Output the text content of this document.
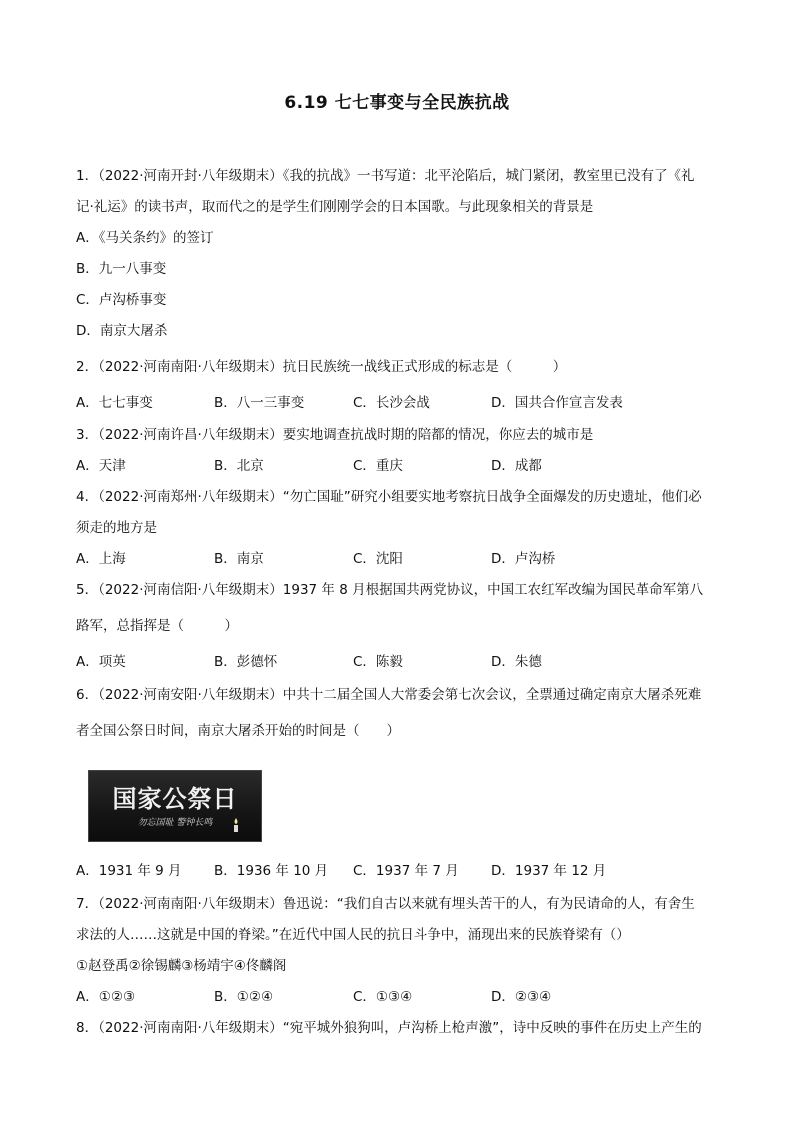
6.19 七七事变与全民族抗战
1．（2022·河南开封·八年级期末）《我的抗战》一书写道：北平沦陷后，城门紧闭，教室里已没有了《礼
记·礼运》的读书声，取而代之的是学生们刚刚学会的日本国歌。与此现象相关的背景是
A．《马关条约》的签订
B．九一八事变
C．卢沟桥事变
D．南京大屠杀
2．（2022·河南南阳·八年级期末）抗日民族统一战线正式形成的标志是（　　　）
A．七七事变	B．八一三事变	C．长沙会战	D．国共合作宣言发表
3．（2022·河南许昌·八年级期末）要实地调查抗战时期的陪都的情况，你应去的城市是
A．天津	B．北京	C．重庆	D．成都
4．（2022·河南郑州·八年级期末）“勿亡国耻”研究小组要实地考察抗日战争全面爆发的历史遗址，他们必
须走的地方是
A．上海	B．南京	C．沈阳	D．卢沟桥
5．（2022·河南信阳·八年级期末）1937 年 8 月根据国共两党协议，中国工农红军改编为国民革命军第八
路军，总指挥是（　　　）
A．项英	B．彭德怀	C．陈毅	D．朱德
6．（2022·河南安阳·八年级期末）中共十二届全国人大常委会第七次会议，全票通过确定南京大屠杀死难
者全国公祭日时间，南京大屠杀开始的时间是（　　）
国家公祭日
勿忘国耻 警钟长鸣
A．1931 年 9 月 B．1936 年 10 月 C．1937 年 7 月 D．1937 年 12 月
7．（2022·河南南阳·八年级期末）鲁迅说：“我们自古以来就有埋头苦干的人，有为民请命的人，有舍生
求法的人……这就是中国的脊梁。”在近代中国人民的抗日斗争中，涌现出来的民族脊梁有（）
①赵登禹②徐锡麟③杨靖宇④佟麟阁
A．①②③	B．①②④	C．①③④	D．②③④
8．（2022·河南南阳·八年级期末）“宛平城外狼狗叫，卢沟桥上枪声激”，诗中反映的事件在历史上产生的
